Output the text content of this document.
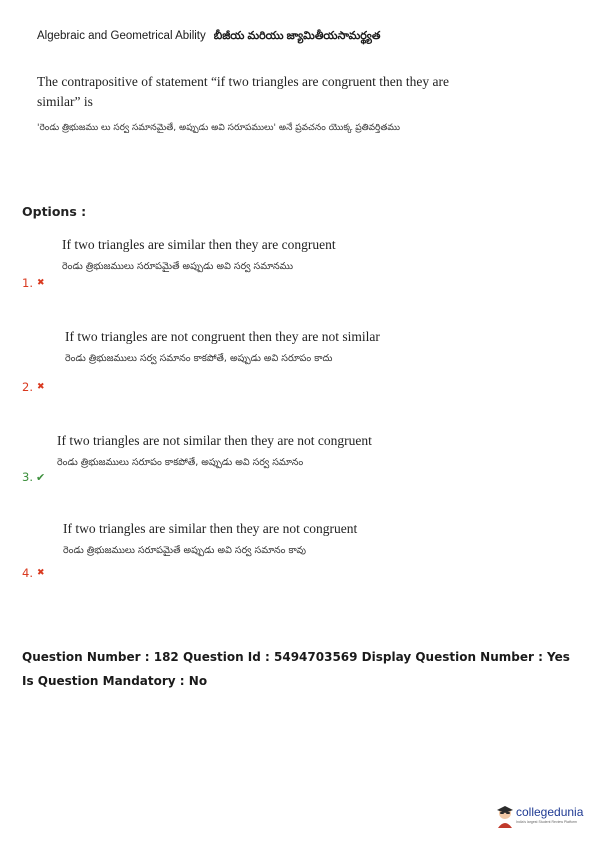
Algebraic and Geometrical Ability బీజీయ మరియు జ్యామితీయసామర్థ్యత
The contrapositive of statement “if two triangles are congruent then they are similar” is
'రెండు త్రిభుజము లు సర్వ సమానమైతే, అప్పుడు అవి సరూపములు' అనే ప్రవచనం యొక్క ప్రతివర్తితము
Options :
If two triangles are similar then they are congruent
రెండు త్రిభుజములు సరూపమైతే అప్పుడు అవి సర్వ సమానము
1. ✖
If two triangles are not congruent then they are not similar
రెండు త్రిభుజములు సర్వ సమానం కాకపోతే, అప్పుడు అవి సరూపం కాదు
2. ✖
If two triangles are not similar then they are not congruent
రెండు త్రిభుజములు సరూపం కాకపోతే, అప్పుడు అవి సర్వ సమానం
3. ✔
If two triangles are similar then they are not congruent
రెండు త్రిభుజములు సరూపమైతే అప్పుడు అవి సర్వ సమానం కావు
4. ✖
Question Number : 182 Question Id : 5494703569 Display Question Number : Yes Is Question Mandatory : No
collegedunia
India's largest Student Review Platform
